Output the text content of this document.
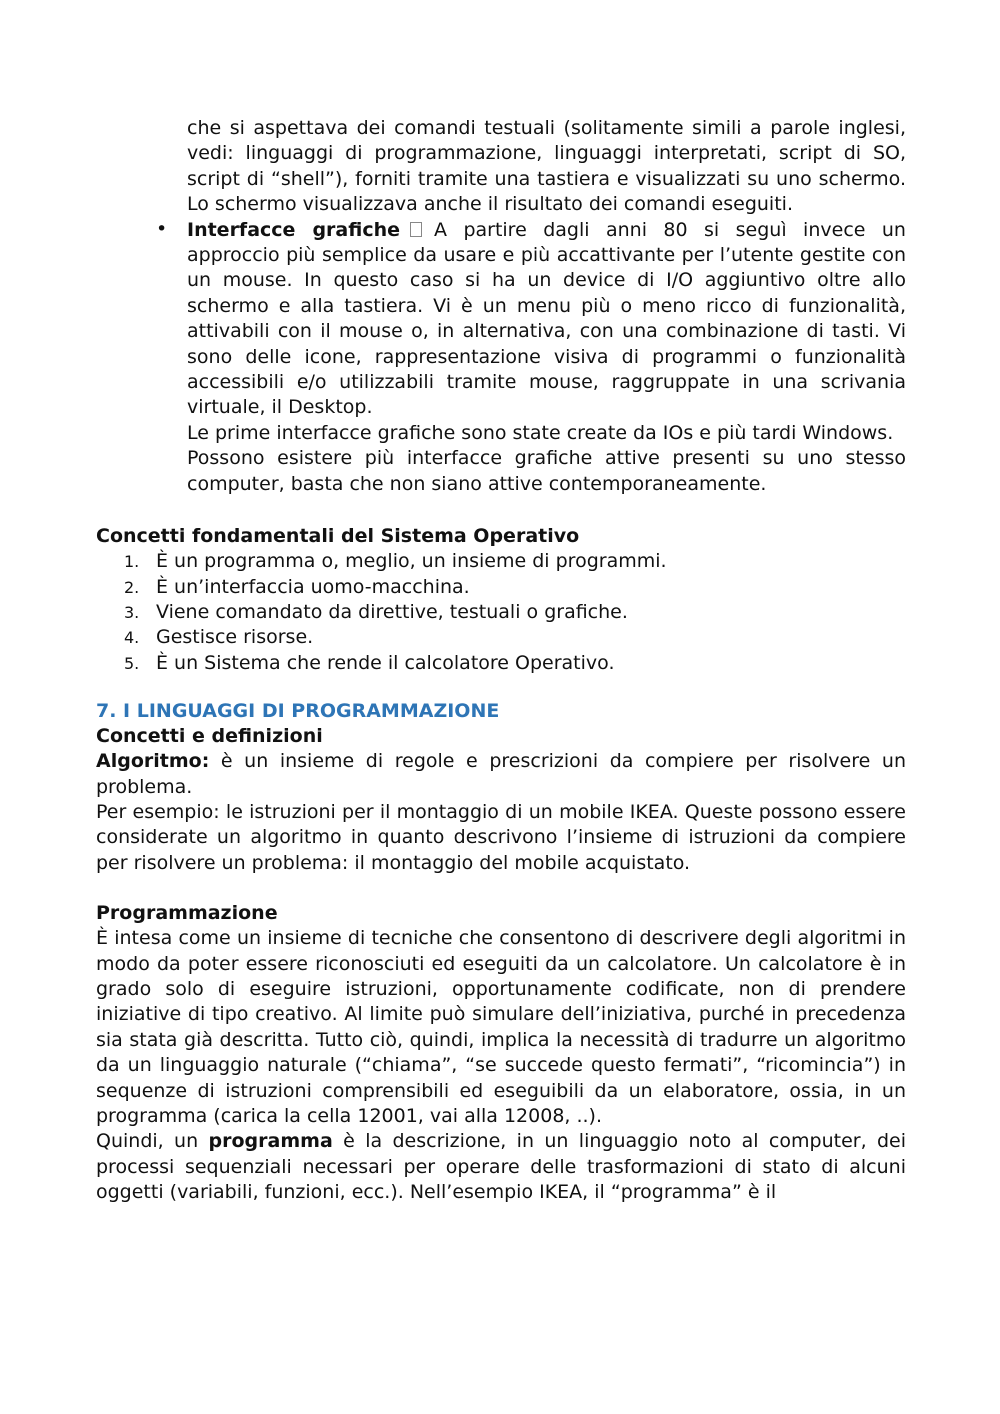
che si aspettava dei comandi testuali (solitamente simili a parole inglesi, vedi: linguaggi di programmazione, linguaggi interpretati, script di SO, script di “shell”), forniti tramite una tastiera e visualizzati su uno schermo. Lo schermo visualizzava anche il risultato dei comandi eseguiti.

• Interfacce grafiche A partire dagli anni 80 si seguì invece un approccio più semplice da usare e più accattivante per l’utente gestite con un mouse. In questo caso si ha un device di I/O aggiuntivo oltre allo schermo e alla tastiera. Vi è un menu più o meno ricco di funzionalità, attivabili con il mouse o, in alternativa, con una combinazione di tasti. Vi sono delle icone, rappresentazione visiva di programmi o funzionalità accessibili e/o utilizzabili tramite mouse, raggruppate in una scrivania virtuale, il Desktop.

Le prime interfacce grafiche sono state create da IOs e più tardi Windows.

Possono esistere più interfacce grafiche attive presenti su uno stesso computer, basta che non siano attive contemporaneamente.

Concetti fondamentali del Sistema Operativo
1. È un programma o, meglio, un insieme di programmi.
2. È un’interfaccia uomo-macchina.
3. Viene comandato da direttive, testuali o grafiche.
4. Gestisce risorse.
5. È un Sistema che rende il calcolatore Operativo.
7. I LINGUAGGI DI PROGRAMMAZIONE
Concetti e definizioni

Algoritmo: è un insieme di regole e prescrizioni da compiere per risolvere un problema.

Per esempio: le istruzioni per il montaggio di un mobile IKEA. Queste possono essere considerate un algoritmo in quanto descrivono l’insieme di istruzioni da compiere per risolvere un problema: il montaggio del mobile acquistato.

Programmazione

È intesa come un insieme di tecniche che consentono di descrivere degli algoritmi in modo da poter essere riconosciuti ed eseguiti da un calcolatore. Un calcolatore è in grado solo di eseguire istruzioni, opportunamente codificate, non di prendere iniziative di tipo creativo. Al limite può simulare dell’iniziativa, purché in precedenza sia stata già descritta. Tutto ciò, quindi, implica la necessità di tradurre un algoritmo da un linguaggio naturale (“chiama”, “se succede questo fermati”, “ricomincia”) in sequenze di istruzioni comprensibili ed eseguibili da un elaboratore, ossia, in un programma (carica la cella 12001, vai alla 12008, ..).

Quindi, un programma è la descrizione, in un linguaggio noto al computer, dei processi sequenziali necessari per operare delle trasformazioni di stato di alcuni oggetti (variabili, funzioni, ecc.). Nell’esempio IKEA, il “programma” è il
